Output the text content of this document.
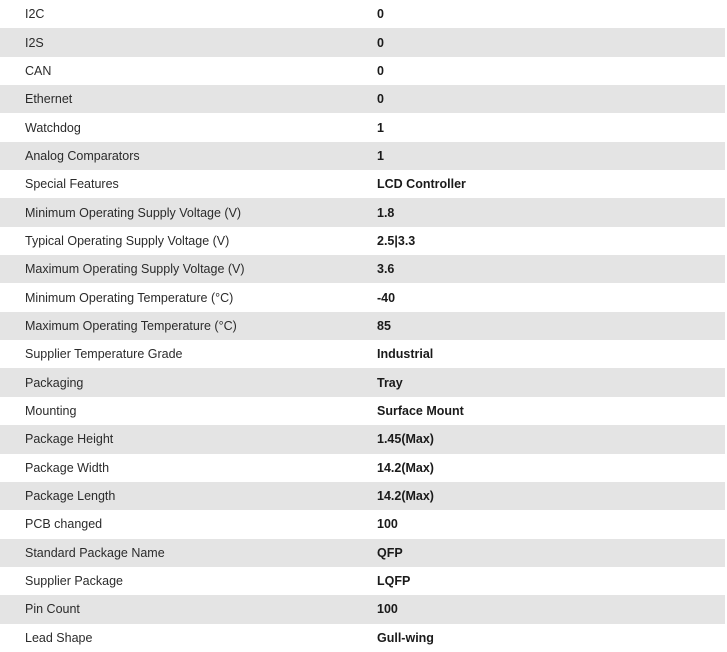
I2C	0
I2S	0
CAN	0
Ethernet	0
Watchdog	1
Analog Comparators	1
Special Features	LCD Controller
Minimum Operating Supply Voltage (V)	1.8
Typical Operating Supply Voltage (V)	2.5|3.3
Maximum Operating Supply Voltage (V)	3.6
Minimum Operating Temperature (°C)	-40
Maximum Operating Temperature (°C)	85
Supplier Temperature Grade	Industrial
Packaging	Tray
Mounting	Surface Mount
Package Height	1.45(Max)
Package Width	14.2(Max)
Package Length	14.2(Max)
PCB changed	100
Standard Package Name	QFP
Supplier Package	LQFP
Pin Count	100
Lead Shape	Gull-wing
